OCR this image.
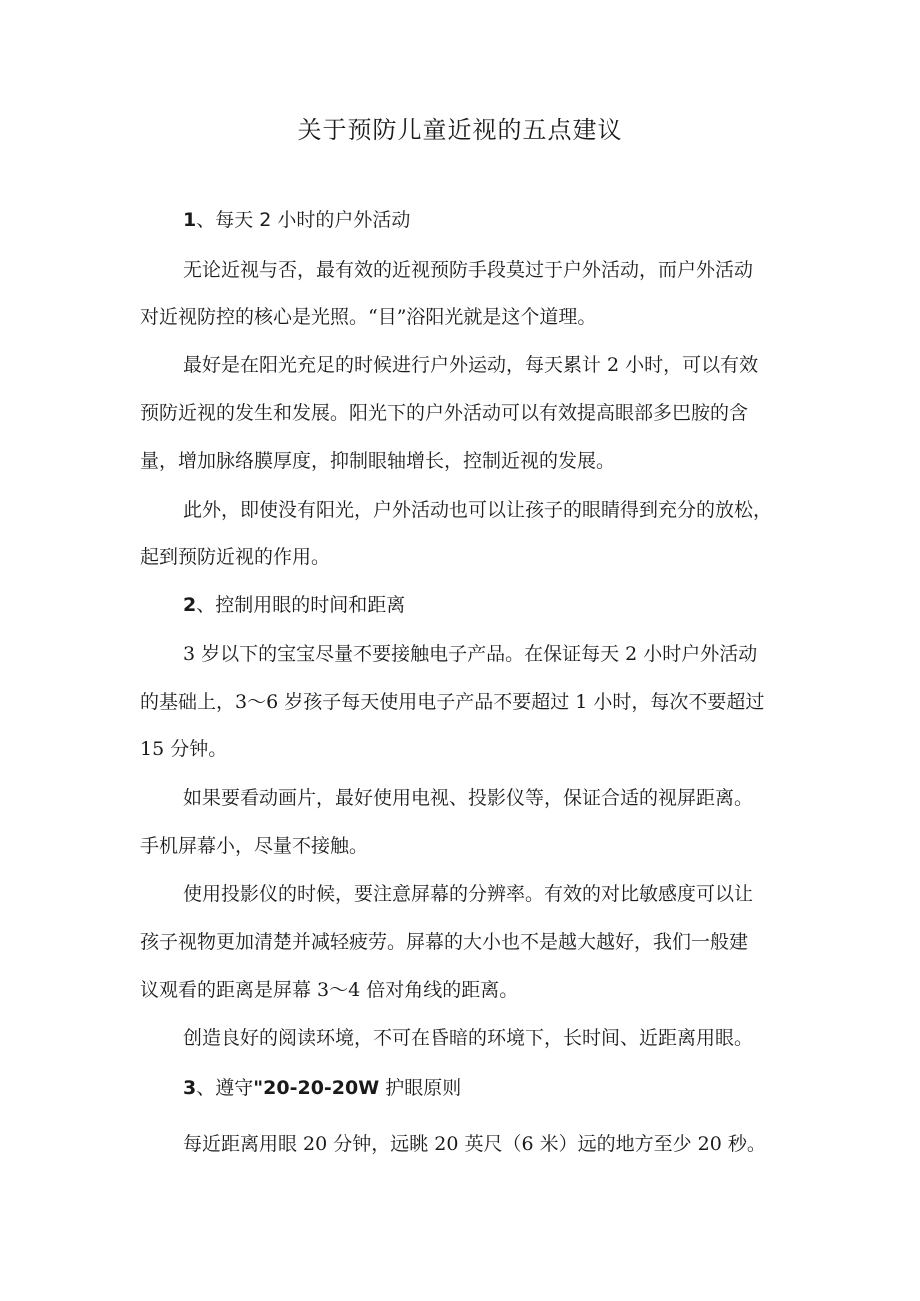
关于预防儿童近视的五点建议

1、每天 2 小时的户外活动

无论近视与否，最有效的近视预防手段莫过于户外活动，而户外活动

对近视防控的核心是光照。“目”浴阳光就是这个道理。

最好是在阳光充足的时候进行户外运动，每天累计 2 小时，可以有效

预防近视的发生和发展。阳光下的户外活动可以有效提高眼部多巴胺的含

量，增加脉络膜厚度，抑制眼轴增长，控制近视的发展。

此外，即使没有阳光，户外活动也可以让孩子的眼睛得到充分的放松，

起到预防近视的作用。

2、控制用眼的时间和距离

3 岁以下的宝宝尽量不要接触电子产品。在保证每天 2 小时户外活动

的基础上，3～6 岁孩子每天使用电子产品不要超过 1 小时，每次不要超过

15 分钟。

如果要看动画片，最好使用电视、投影仪等，保证合适的视屏距离。

手机屏幕小，尽量不接触。

使用投影仪的时候，要注意屏幕的分辨率。有效的对比敏感度可以让

孩子视物更加清楚并减轻疲劳。屏幕的大小也不是越大越好，我们一般建

议观看的距离是屏幕 3～4 倍对角线的距离。

创造良好的阅读环境，不可在昏暗的环境下，长时间、近距离用眼。

3、遵守"20-20-20W 护眼原则

每近距离用眼 20 分钟，远眺 20 英尺（6 米）远的地方至少 20 秒。
